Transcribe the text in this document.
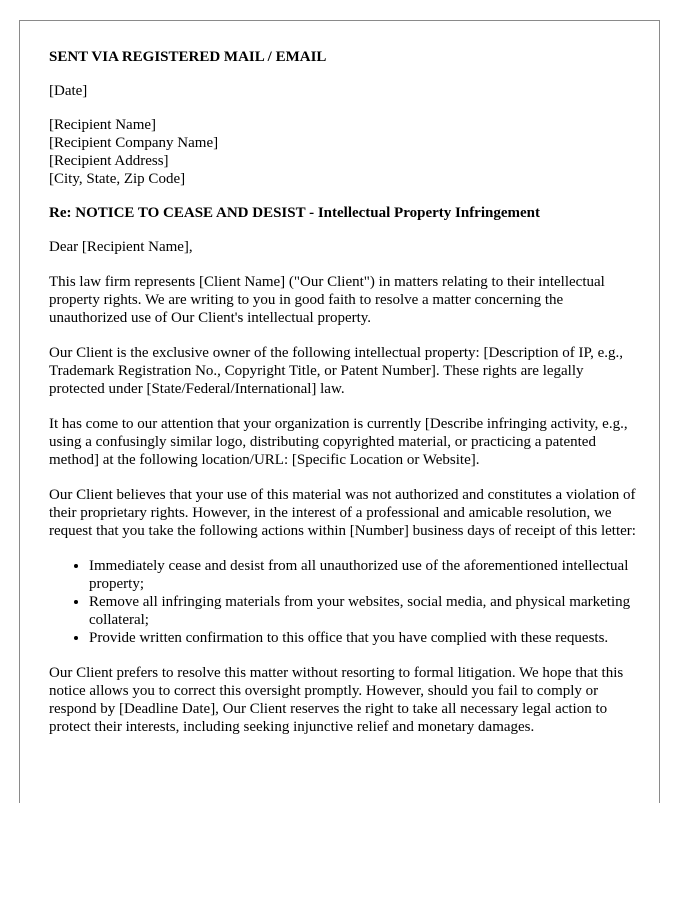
SENT VIA REGISTERED MAIL / EMAIL

[Date]

[Recipient Name]
[Recipient Company Name]
[Recipient Address]
[City, State, Zip Code]

Re: NOTICE TO CEASE AND DESIST - Intellectual Property Infringement

Dear [Recipient Name],

This law firm represents [Client Name] ("Our Client") in matters relating to their intellectual property rights. We are writing to you in good faith to resolve a matter concerning the unauthorized use of Our Client's intellectual property.

Our Client is the exclusive owner of the following intellectual property: [Description of IP, e.g., Trademark Registration No., Copyright Title, or Patent Number]. These rights are legally protected under [State/Federal/International] law.

It has come to our attention that your organization is currently [Describe infringing activity, e.g., using a confusingly similar logo, distributing copyrighted material, or practicing a patented method] at the following location/URL: [Specific Location or Website].

Our Client believes that your use of this material was not authorized and constitutes a violation of their proprietary rights. However, in the interest of a professional and amicable resolution, we request that you take the following actions within [Number] business days of receipt of this letter:

• Immediately cease and desist from all unauthorized use of the aforementioned intellectual property;
• Remove all infringing materials from your websites, social media, and physical marketing collateral;
• Provide written confirmation to this office that you have complied with these requests.

Our Client prefers to resolve this matter without resorting to formal litigation. We hope that this notice allows you to correct this oversight promptly. However, should you fail to comply or respond by [Deadline Date], Our Client reserves the right to take all necessary legal action to protect their interests, including seeking injunctive relief and monetary damages.
